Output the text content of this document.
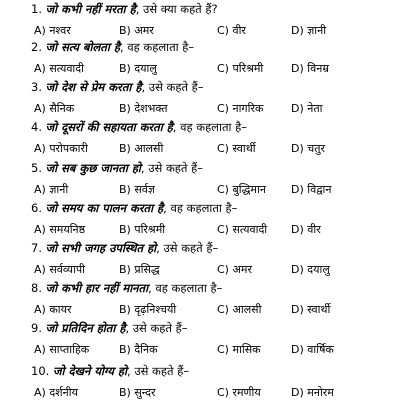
1. जो कभी नहीं मरता है, उसे क्या कहते हैं?
A) नश्वर	B) अमर	C) वीर	D) ज्ञानी
2. जो सत्य बोलता है, वह कहलाता है–
A) सत्यवादी	B) दयालु	C) परिश्रमी	D) विनम्र
3. जो देश से प्रेम करता है, उसे कहते हैं–
A) सैनिक	B) देशभक्त	C) नागरिक	D) नेता
4. जो दूसरों की सहायता करता है, वह कहलाता है–
A) परोपकारी	B) आलसी	C) स्वार्थी	D) चतुर
5. जो सब कुछ जानता हो, उसे कहते हैं–
A) ज्ञानी	B) सर्वज्ञ	C) बुद्धिमान D) विद्वान
6. जो समय का पालन करता है, वह कहलाता है–
A) समयनिष्ठ	B) परिश्रमी	C) सत्यवादी D) वीर
7. जो सभी जगह उपस्थित हो, उसे कहते हैं–
A) सर्वव्यापी	B) प्रसिद्ध	C) अमर	D) दयालु
8. जो कभी हार नहीं मानता, वह कहलाता है–
A) कायर	B) दृढ़निश्चयी	C) आलसी	D) स्वार्थी
9. जो प्रतिदिन होता है, उसे कहते हैं–
A) साप्ताहिक	B) दैनिक	C) मासिक	D) वार्षिक
10. जो देखने योग्य हो, उसे कहते हैं–
A) दर्शनीय	B) सुन्दर	C) रमणीय	D) मनोरम
